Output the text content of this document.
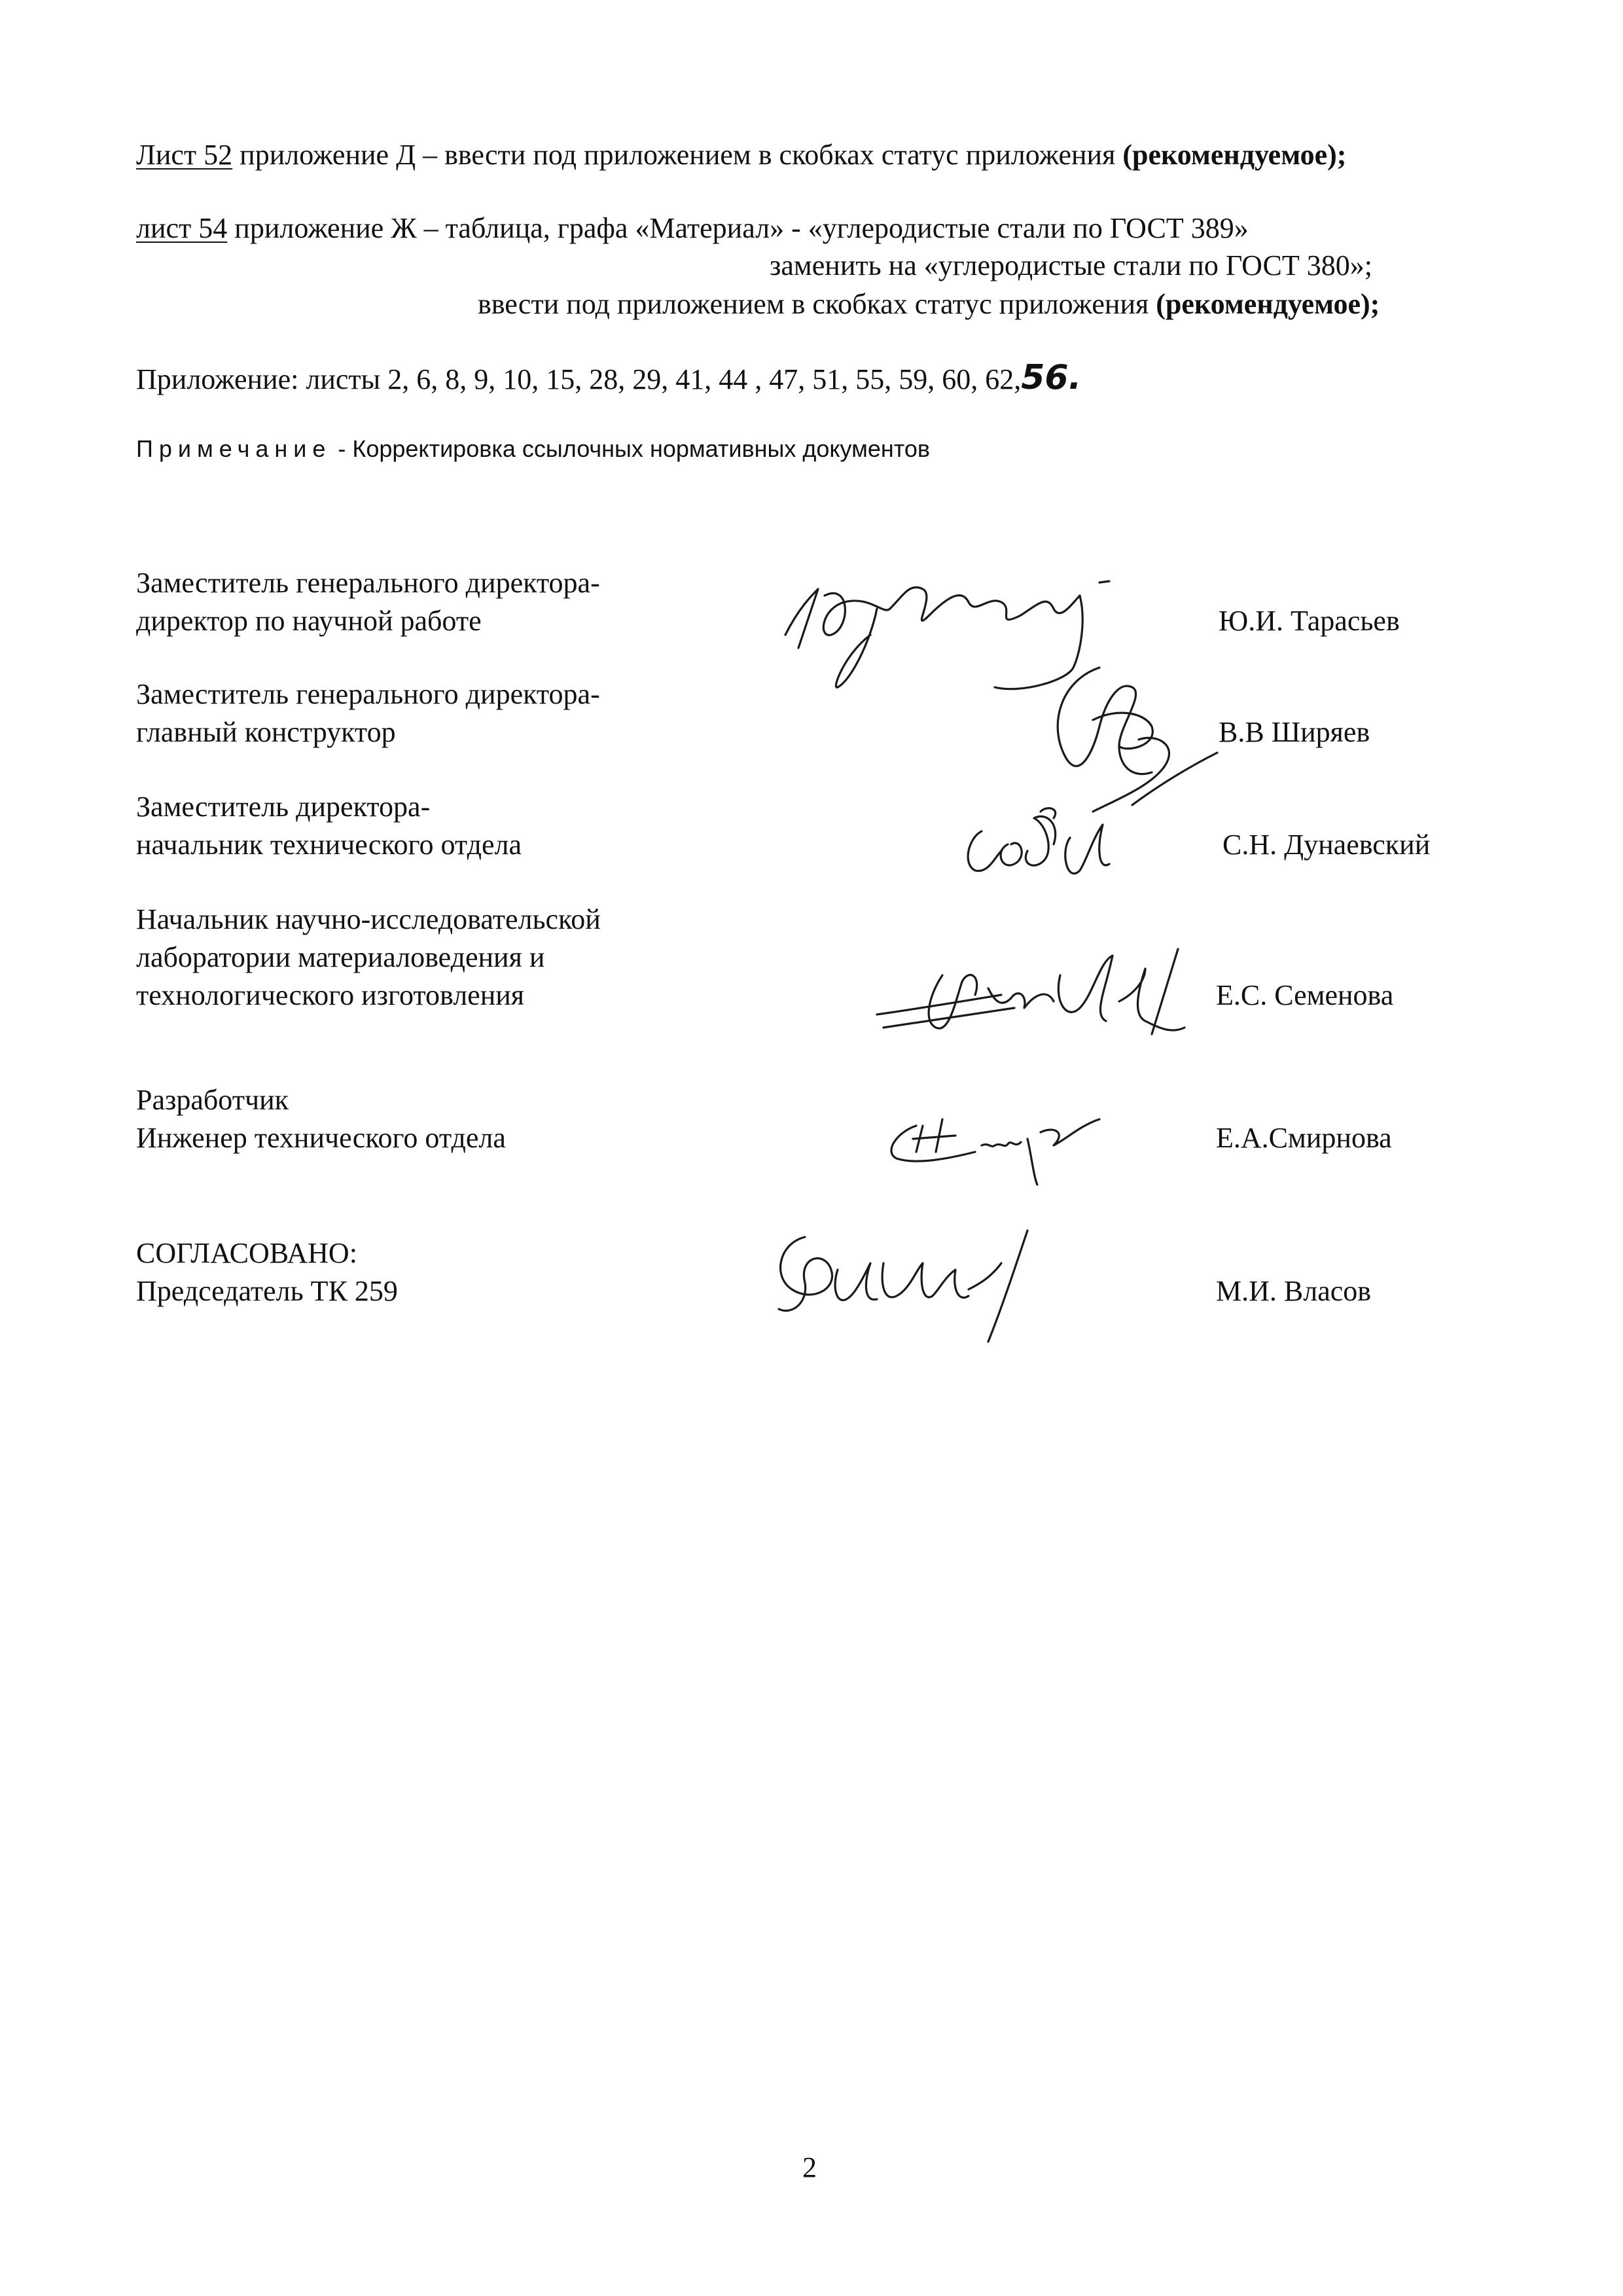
Лист 52 приложение Д – ввести под приложением в скобках статус приложения (рекомендуемое);
лист 54 приложение Ж – таблица, графа «Материал» - «углеродистые стали по ГОСТ 389»
заменить на «углеродистые стали по ГОСТ 380»;
ввести под приложением в скобках статус приложения (рекомендуемое);
Приложение: листы 2, 6, 8, 9, 10, 15, 28, 29, 41, 44 , 47, 51, 55, 59, 60, 62,56.
Примечание - Корректировка ссылочных нормативных документов
Заместитель генерального директора-
директор по научной работе	Ю.И. Тарасьев
Заместитель генерального директора-
главный конструктор	В.В Ширяев
Заместитель директора-
начальник технического отдела	С.Н. Дунаевский
Начальник научно-исследовательской
лаборатории материаловедения и
технологического изготовления	Е.С. Семенова
Разработчик
Инженер технического отдела	Е.А.Смирнова
СОГЛАСОВАНО:
Председатель ТК 259	М.И. Власов
2
